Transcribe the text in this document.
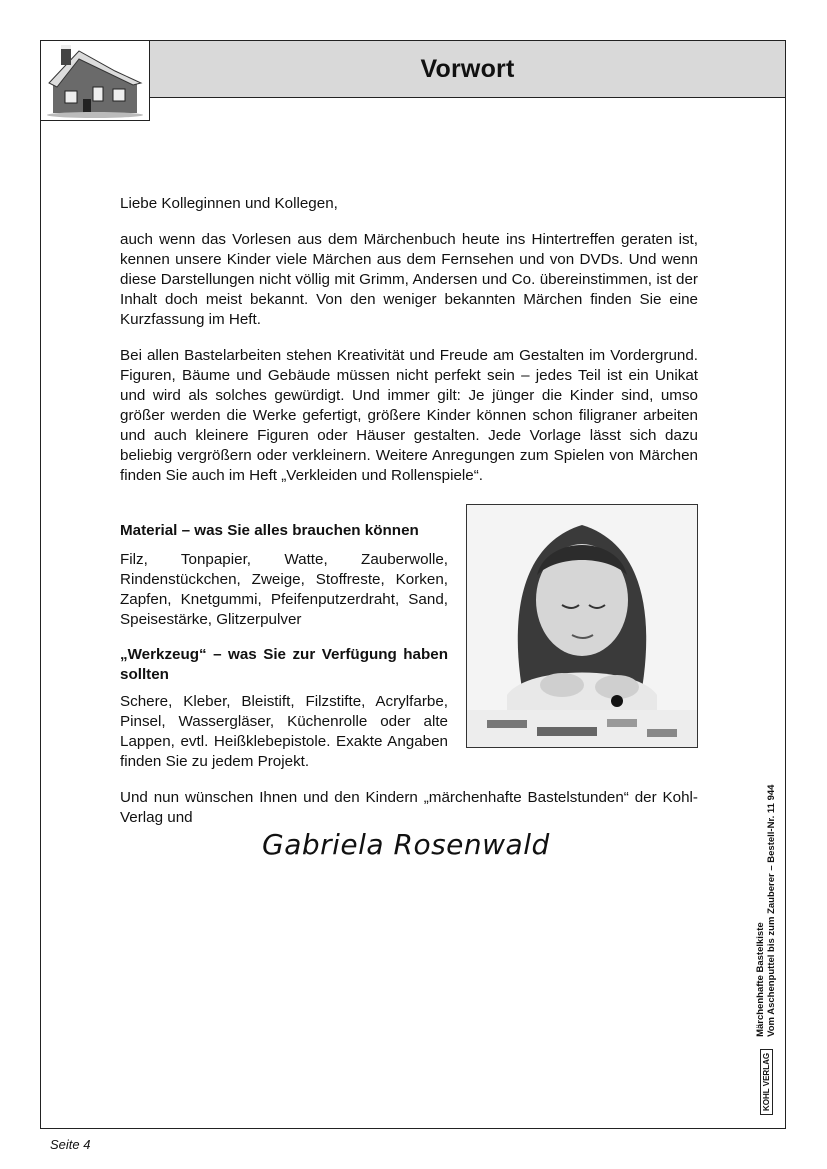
Vorwort

Liebe Kolleginnen und Kollegen,

auch wenn das Vorlesen aus dem Märchenbuch heute ins Hintertreffen geraten ist, kennen unsere Kinder viele Märchen aus dem Fernsehen und von DVDs. Und wenn diese Darstellungen nicht völlig mit Grimm, Andersen und Co. übereinstimmen, ist der Inhalt doch meist bekannt. Von den weniger bekannten Märchen finden Sie eine Kurzfassung im Heft.

Bei allen Bastelarbeiten stehen Kreativität und Freude am Gestalten im Vordergrund. Figuren, Bäume und Gebäude müssen nicht perfekt sein – jedes Teil ist ein Unikat und wird als solches gewürdigt. Und immer gilt: Je jünger die Kinder sind, umso größer werden die Werke gefertigt, größere Kinder können schon filigraner arbeiten und auch kleinere Figuren oder Häuser gestalten. Jede Vorlage lässt sich dazu beliebig vergrößern oder verkleinern. Weitere Anregungen zum Spielen von Märchen finden Sie auch im Heft „Verkleiden und Rollenspiele“.

Material – was Sie alles brauchen können

Filz, Tonpapier, Watte, Zauberwolle, Rindenstückchen, Zweige, Stoffreste, Korken, Zapfen, Knetgummi, Pfeifenputzerdraht, Sand, Speisestärke, Glitzerpulver

„Werkzeug“ – was Sie zur Verfügung haben sollten

Schere, Kleber, Bleistift, Filzstifte, Acrylfarbe, Pinsel, Wassergläser, Küchenrolle oder alte Lappen, evtl. Heißklebepistole. Exakte Angaben finden Sie zu jedem Projekt.

Und nun wünschen Ihnen und den Kindern „märchenhafte Bastelstunden“ der Kohl-Verlag und

Gabriela Rosenwald
KOHL VERLAG
Märchenhafte Bastelkiste Vom Aschenputtel bis zum Zauberer – Bestell-Nr. 11 944
Seite 4
